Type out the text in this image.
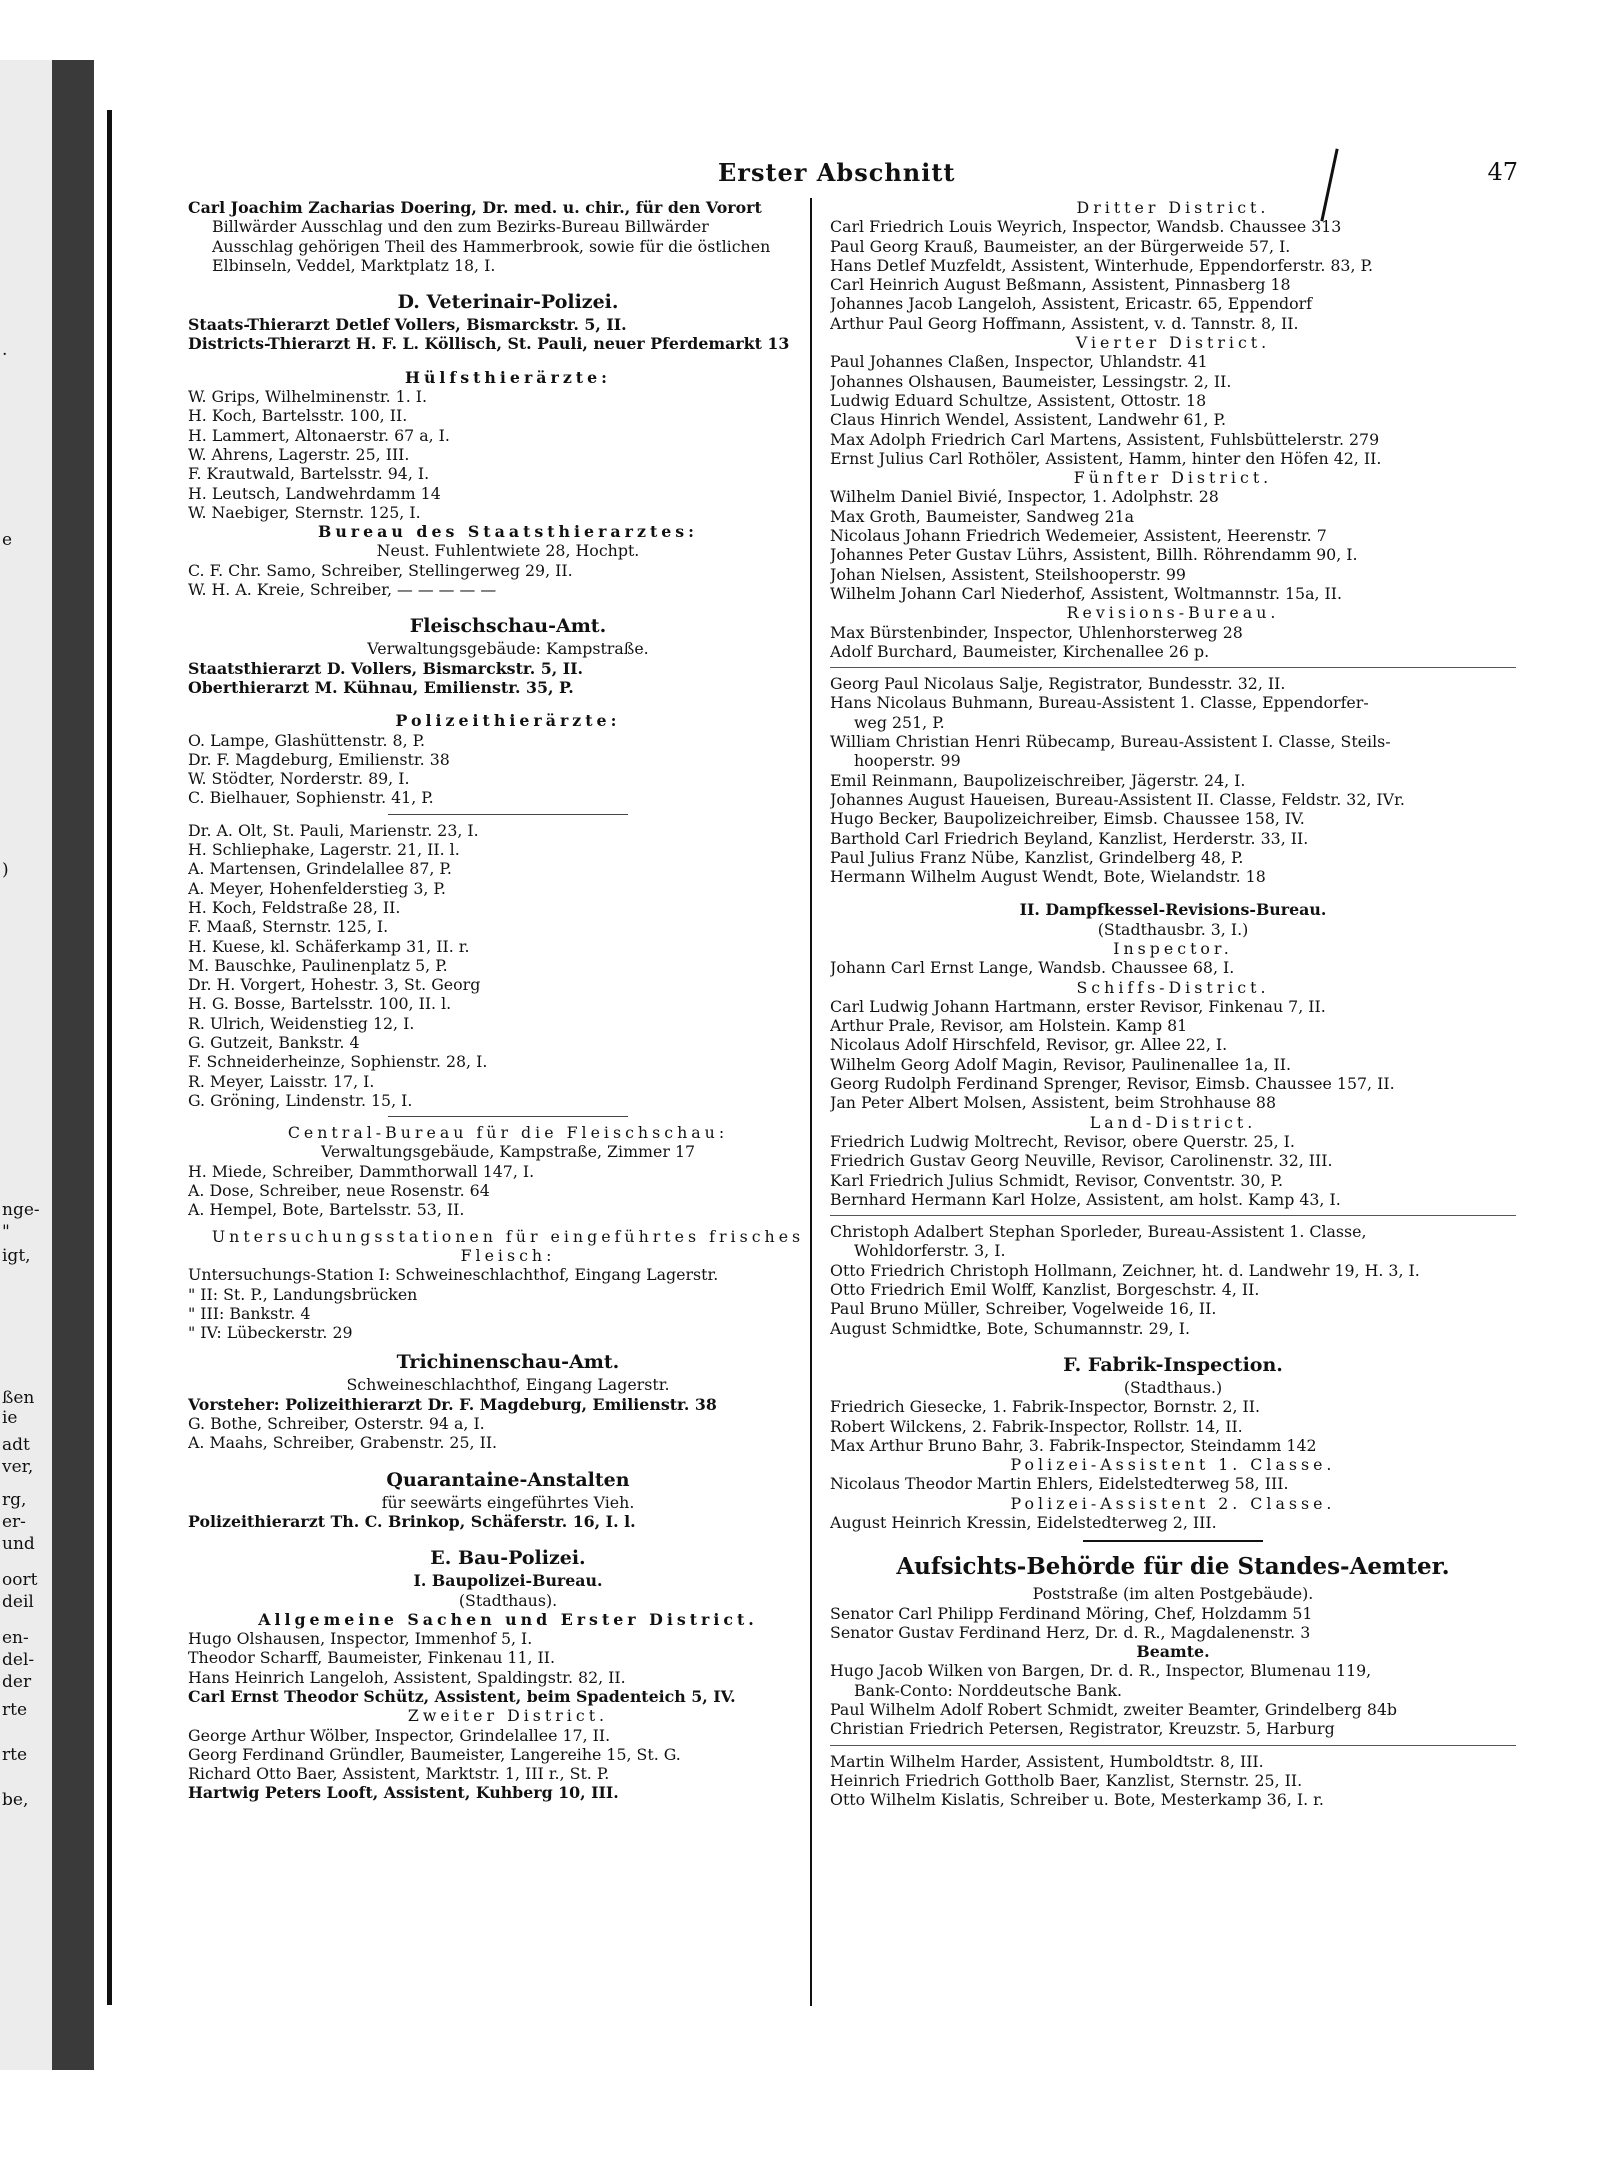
.
e
)
nge-
"
igt,
ßen
ie
adt
ver,
rg,
er-
und
oort
deil
en-
del-
der
rte
rte
be,
Erster Abschnitt	47
Carl Joachim Zacharias Doering, Dr. med. u. chir., für den Vorort
Billwärder Ausschlag und den zum Bezirks-Bureau Billwärder
Ausschlag gehörigen Theil des Hammerbrook, sowie für die östlichen
Elbinseln, Veddel, Marktplatz 18, I.
D. Veterinair-Polizei.
Staats-Thierarzt Detlef Vollers, Bismarckstr. 5, II.
Districts-Thierarzt H. F. L. Köllisch, St. Pauli, neuer Pferdemarkt 13
Hülfsthierärzte:
W. Grips, Wilhelminenstr. 1. I.
H. Koch, Bartelsstr. 100, II.
H. Lammert, Altonaerstr. 67 a, I.
W. Ahrens, Lagerstr. 25, III.
F. Krautwald, Bartelsstr. 94, I.
H. Leutsch, Landwehrdamm 14
W. Naebiger, Sternstr. 125, I.
Bureau des Staatsthierarztes:
Neust. Fuhlentwiete 28, Hochpt.
C. F. Chr. Samo, Schreiber, Stellingerweg 29, II.
W. H. A. Kreie, Schreiber, — — — — —
Fleischschau-Amt.
Verwaltungsgebäude: Kampstraße.
Staatsthierarzt D. Vollers, Bismarckstr. 5, II.
Oberthierarzt M. Kühnau, Emilienstr. 35, P.
Polizeithierärzte:
O. Lampe, Glashüttenstr. 8, P.
Dr. F. Magdeburg, Emilienstr. 38
W. Stödter, Norderstr. 89, I.
C. Bielhauer, Sophienstr. 41, P.
Dr. A. Olt, St. Pauli, Marienstr. 23, I.
H. Schliephake, Lagerstr. 21, II. l.
A. Martensen, Grindelallee 87, P.
A. Meyer, Hohenfelderstieg 3, P.
H. Koch, Feldstraße 28, II.
F. Maaß, Sternstr. 125, I.
H. Kuese, kl. Schäferkamp 31, II. r.
M. Bauschke, Paulinenplatz 5, P.
Dr. H. Vorgert, Hohestr. 3, St. Georg
H. G. Bosse, Bartelsstr. 100, II. l.
R. Ulrich, Weidenstieg 12, I.
G. Gutzeit, Bankstr. 4
F. Schneiderheinze, Sophienstr. 28, I.
R. Meyer, Laisstr. 17, I.
G. Gröning, Lindenstr. 15, I.
Central-Bureau für die Fleischschau:
Verwaltungsgebäude, Kampstraße, Zimmer 17
H. Miede, Schreiber, Dammthorwall 147, I.
A. Dose, Schreiber, neue Rosenstr. 64
A. Hempel, Bote, Bartelsstr. 53, II.
Untersuchungsstationen für eingeführtes frisches
Fleisch:
Untersuchungs-Station I: Schweineschlachthof, Eingang Lagerstr.
" II: St. P., Landungsbrücken
" III: Bankstr. 4
" IV: Lübeckerstr. 29
Trichinenschau-Amt.
Schweineschlachthof, Eingang Lagerstr.
Vorsteher: Polizeithierarzt Dr. F. Magdeburg, Emilienstr. 38
G. Bothe, Schreiber, Osterstr. 94 a, I.
A. Maahs, Schreiber, Grabenstr. 25, II.
Quarantaine-Anstalten
für seewärts eingeführtes Vieh.
Polizeithierarzt Th. C. Brinkop, Schäferstr. 16, I. l.
E. Bau-Polizei.
I. Baupolizei-Bureau.
(Stadthaus).
Allgemeine Sachen und Erster District.
Hugo Olshausen, Inspector, Immenhof 5, I.
Theodor Scharff, Baumeister, Finkenau 11, II.
Hans Heinrich Langeloh, Assistent, Spaldingstr. 82, II.
Carl Ernst Theodor Schütz, Assistent, beim Spadenteich 5, IV.
Zweiter District.
George Arthur Wölber, Inspector, Grindelallee 17, II.
Georg Ferdinand Gründler, Baumeister, Langereihe 15, St. G.
Richard Otto Baer, Assistent, Marktstr. 1, III r., St. P.
Hartwig Peters Looft, Assistent, Kuhberg 10, III.
Dritter District.
Carl Friedrich Louis Weyrich, Inspector, Wandsb. Chaussee 313
Paul Georg Krauß, Baumeister, an der Bürgerweide 57, I.
Hans Detlef Muzfeldt, Assistent, Winterhude, Eppendorferstr. 83, P.
Carl Heinrich August Beßmann, Assistent, Pinnasberg 18
Johannes Jacob Langeloh, Assistent, Ericastr. 65, Eppendorf
Arthur Paul Georg Hoffmann, Assistent, v. d. Tannstr. 8, II.
Vierter District.
Paul Johannes Claßen, Inspector, Uhlandstr. 41
Johannes Olshausen, Baumeister, Lessingstr. 2, II.
Ludwig Eduard Schultze, Assistent, Ottostr. 18
Claus Hinrich Wendel, Assistent, Landwehr 61, P.
Max Adolph Friedrich Carl Martens, Assistent, Fuhlsbüttelerstr. 279
Ernst Julius Carl Rothöler, Assistent, Hamm, hinter den Höfen 42, II.
Fünfter District.
Wilhelm Daniel Bivié, Inspector, 1. Adolphstr. 28
Max Groth, Baumeister, Sandweg 21a
Nicolaus Johann Friedrich Wedemeier, Assistent, Heerenstr. 7
Johannes Peter Gustav Lührs, Assistent, Billh. Röhrendamm 90, I.
Johan Nielsen, Assistent, Steilshooperstr. 99
Wilhelm Johann Carl Niederhof, Assistent, Woltmannstr. 15a, II.
Revisions-Bureau.
Max Bürstenbinder, Inspector, Uhlenhorsterweg 28
Adolf Burchard, Baumeister, Kirchenallee 26 p.
Georg Paul Nicolaus Salje, Registrator, Bundesstr. 32, II.
Hans Nicolaus Buhmann, Bureau-Assistent 1. Classe, Eppendorfer-
weg 251, P.
William Christian Henri Rübecamp, Bureau-Assistent I. Classe, Steils-
hooperstr. 99
Emil Reinmann, Baupolizeischreiber, Jägerstr. 24, I.
Johannes August Haueisen, Bureau-Assistent II. Classe, Feldstr. 32, IVr.
Hugo Becker, Baupolizeichreiber, Eimsb. Chaussee 158, IV.
Barthold Carl Friedrich Beyland, Kanzlist, Herderstr. 33, II.
Paul Julius Franz Nübe, Kanzlist, Grindelberg 48, P.
Hermann Wilhelm August Wendt, Bote, Wielandstr. 18
II. Dampfkessel-Revisions-Bureau.
(Stadthausbr. 3, I.)
Inspector.
Johann Carl Ernst Lange, Wandsb. Chaussee 68, I.
Schiffs-District.
Carl Ludwig Johann Hartmann, erster Revisor, Finkenau 7, II.
Arthur Prale, Revisor, am Holstein. Kamp 81
Nicolaus Adolf Hirschfeld, Revisor, gr. Allee 22, I.
Wilhelm Georg Adolf Magin, Revisor, Paulinenallee 1a, II.
Georg Rudolph Ferdinand Sprenger, Revisor, Eimsb. Chaussee 157, II.
Jan Peter Albert Molsen, Assistent, beim Strohhause 88
Land-District.
Friedrich Ludwig Moltrecht, Revisor, obere Querstr. 25, I.
Friedrich Gustav Georg Neuville, Revisor, Carolinenstr. 32, III.
Karl Friedrich Julius Schmidt, Revisor, Conventstr. 30, P.
Bernhard Hermann Karl Holze, Assistent, am holst. Kamp 43, I.
Christoph Adalbert Stephan Sporleder, Bureau-Assistent 1. Classe,
Wohldorferstr. 3, I.
Otto Friedrich Christoph Hollmann, Zeichner, ht. d. Landwehr 19, H. 3, I.
Otto Friedrich Emil Wolff, Kanzlist, Borgeschstr. 4, II.
Paul Bruno Müller, Schreiber, Vogelweide 16, II.
August Schmidtke, Bote, Schumannstr. 29, I.
F. Fabrik-Inspection.
(Stadthaus.)
Friedrich Giesecke, 1. Fabrik-Inspector, Bornstr. 2, II.
Robert Wilckens, 2. Fabrik-Inspector, Rollstr. 14, II.
Max Arthur Bruno Bahr, 3. Fabrik-Inspector, Steindamm 142
Polizei-Assistent 1. Classe.
Nicolaus Theodor Martin Ehlers, Eidelstedterweg 58, III.
Polizei-Assistent 2. Classe.
August Heinrich Kressin, Eidelstedterweg 2, III.
Aufsichts-Behörde für die Standes-Aemter.
Poststraße (im alten Postgebäude).
Senator Carl Philipp Ferdinand Möring, Chef, Holzdamm 51
Senator Gustav Ferdinand Herz, Dr. d. R., Magdalenenstr. 3
Beamte.
Hugo Jacob Wilken von Bargen, Dr. d. R., Inspector, Blumenau 119,
Bank-Conto: Norddeutsche Bank.
Paul Wilhelm Adolf Robert Schmidt, zweiter Beamter, Grindelberg 84b
Christian Friedrich Petersen, Registrator, Kreuzstr. 5, Harburg
Martin Wilhelm Harder, Assistent, Humboldtstr. 8, III.
Heinrich Friedrich Gottholb Baer, Kanzlist, Sternstr. 25, II.
Otto Wilhelm Kislatis, Schreiber u. Bote, Mesterkamp 36, I. r.
